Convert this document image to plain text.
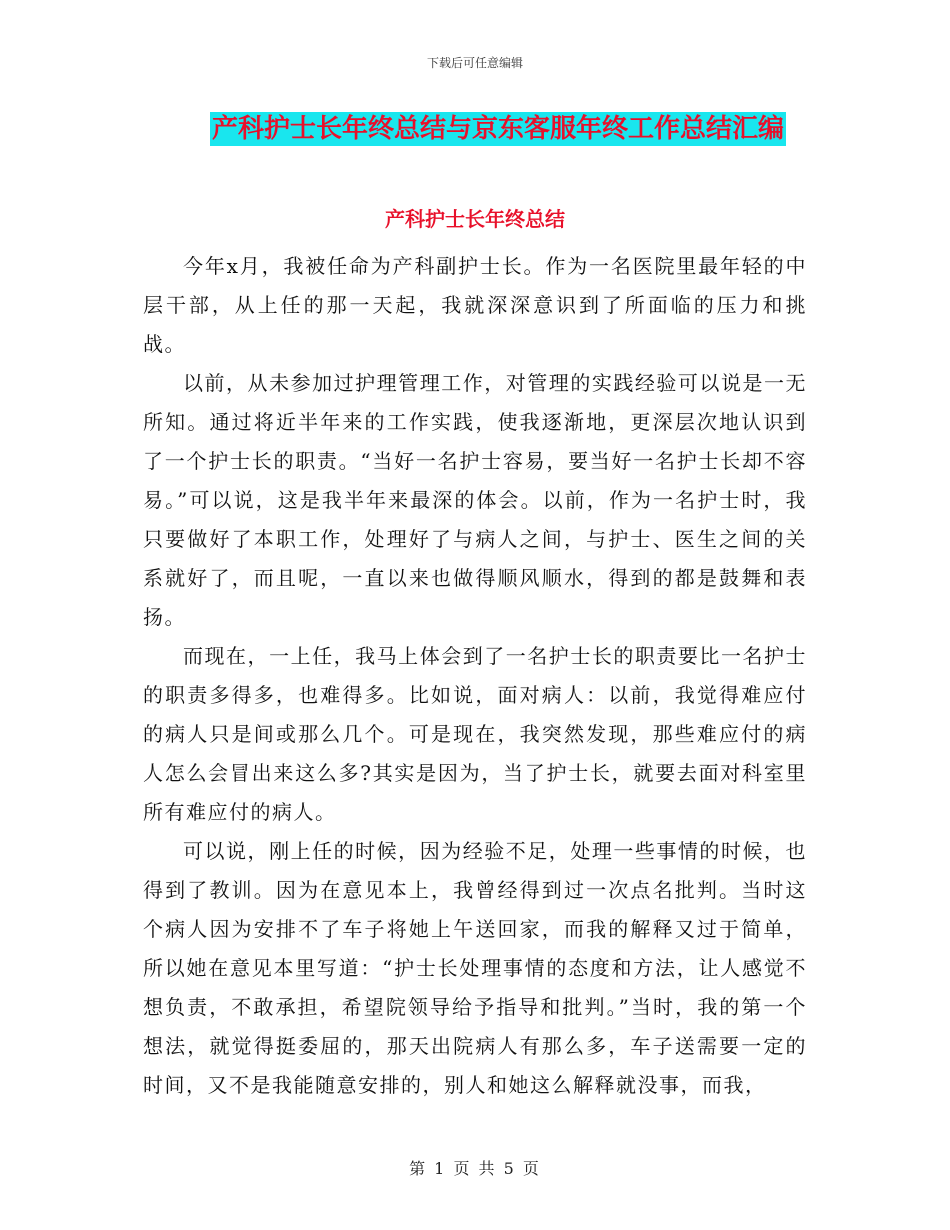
下载后可任意编辑
产科护士长年终总结与京东客服年终工作总结汇编
产科护士长年终总结

今年x月，我被任命为产科副护士长。作为一名医院里最年轻的中层干部，从上任的那一天起，我就深深意识到了所面临的压力和挑战。

以前，从未参加过护理管理工作，对管理的实践经验可以说是一无所知。通过将近半年来的工作实践，使我逐渐地，更深层次地认识到了一个护士长的职责。“当好一名护士容易，要当好一名护士长却不容易。”可以说，这是我半年来最深的体会。以前，作为一名护士时，我只要做好了本职工作，处理好了与病人之间，与护士、医生之间的关系就好了，而且呢，一直以来也做得顺风顺水，得到的都是鼓舞和表扬。

而现在，一上任，我马上体会到了一名护士长的职责要比一名护士的职责多得多，也难得多。比如说，面对病人：以前，我觉得难应付的病人只是间或那么几个。可是现在，我突然发现，那些难应付的病人怎么会冒出来这么多?其实是因为，当了护士长，就要去面对科室里所有难应付的病人。

可以说，刚上任的时候，因为经验不足，处理一些事情的时候，也得到了教训。因为在意见本上，我曾经得到过一次点名批判。当时这个病人因为安排不了车子将她上午送回家，而我的解释又过于简单，所以她在意见本里写道：“护士长处理事情的态度和方法，让人感觉不想负责，不敢承担，希望院领导给予指导和批判。”当时，我的第一个想法，就觉得挺委屈的，那天出院病人有那么多，车子送需要一定的时间，又不是我能随意安排的，别人和她这么解释就没事，而我，

第 1 页 共 5 页
